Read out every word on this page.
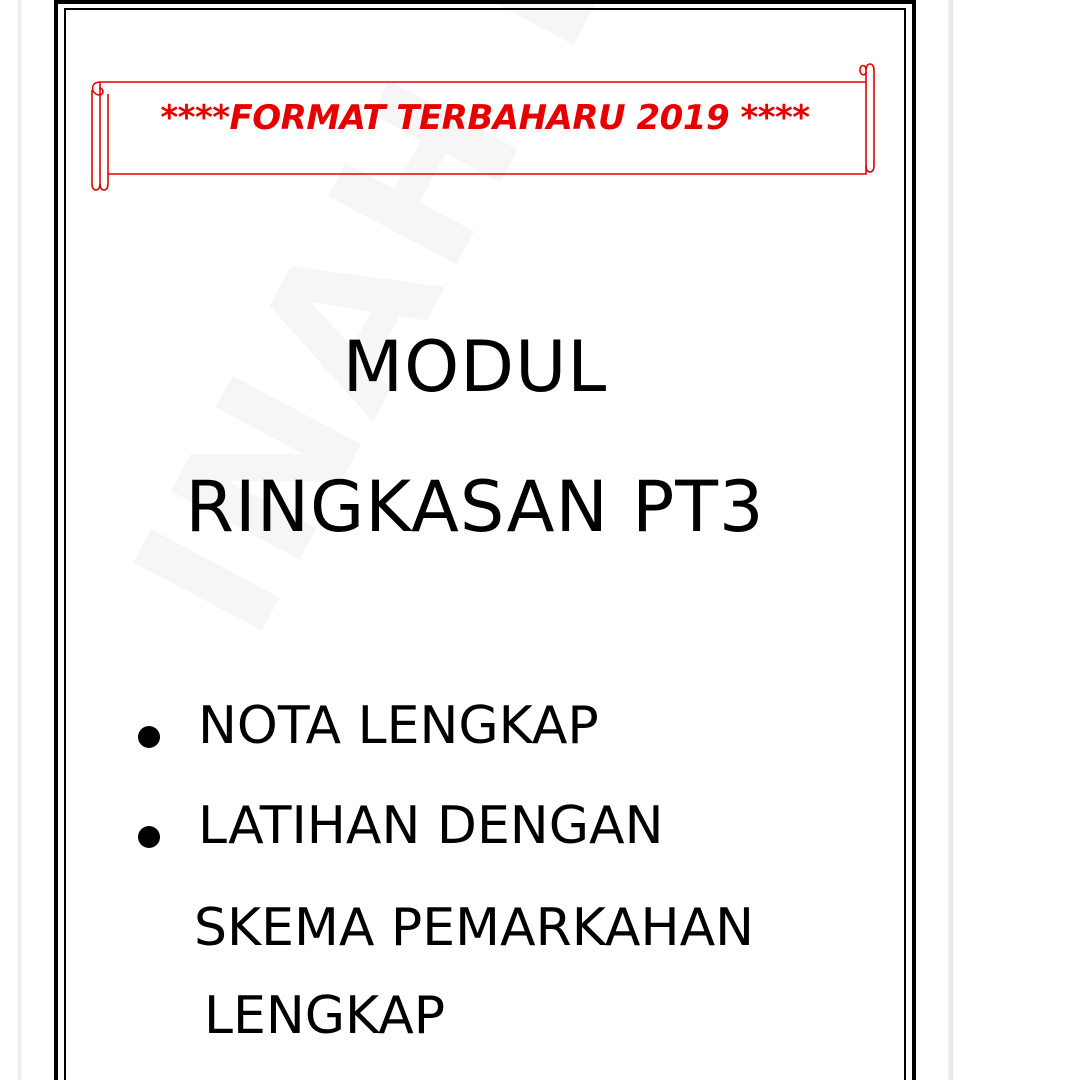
****FORMAT TERBAHARU 2019 ****
MODUL
RINGKASAN PT3
NOTA LENGKAP
LATIHAN DENGAN
SKEMA PEMARKAHAN
LENGKAP
